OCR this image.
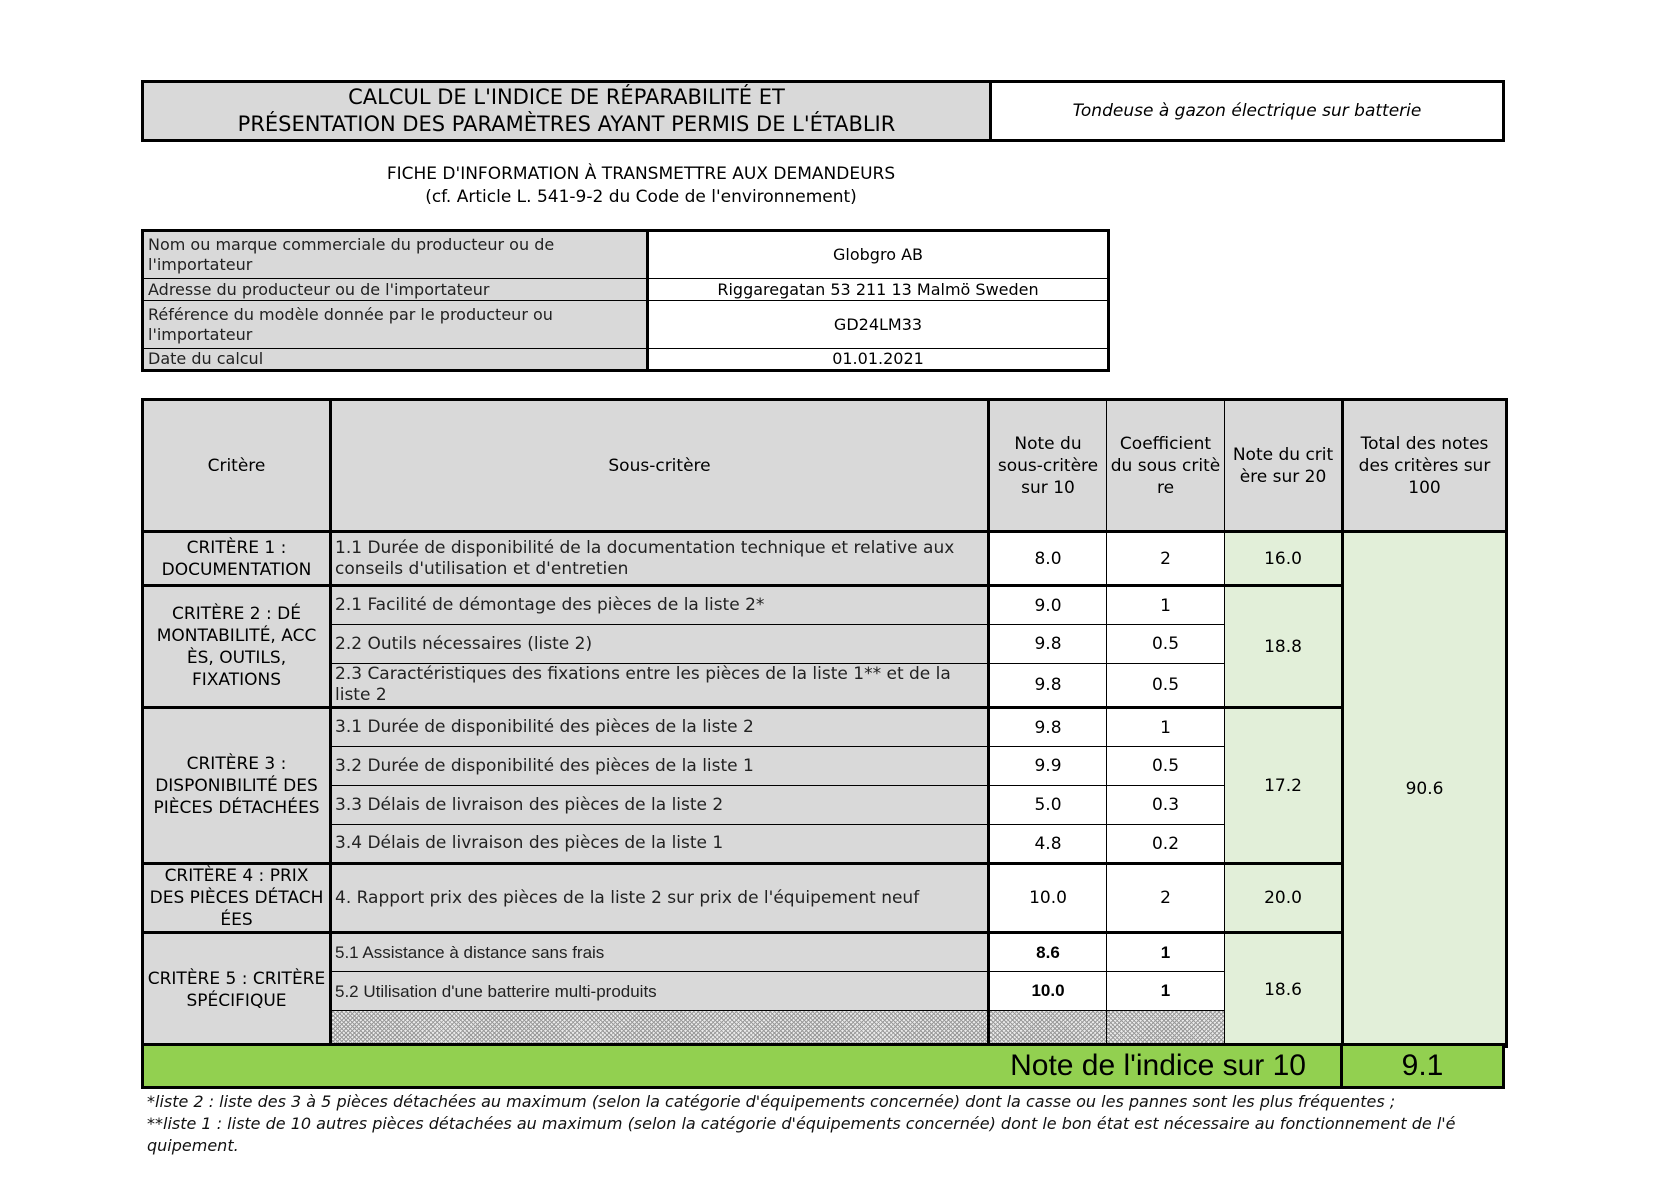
CALCUL DE L'INDICE DE RÉPARABILITÉ ET
PRÉSENTATION DES PARAMÈTRES AYANT PERMIS DE L'ÉTABLIR
Tondeuse à gazon électrique sur batterie
FICHE D'INFORMATION À TRANSMETTRE AUX DEMANDEURS
(cf. Article L. 541-9-2 du Code de l'environnement)
Nom ou marque commerciale du producteur ou de l'importateur	Globgro AB
Adresse du producteur ou de l'importateur	Riggaregatan 53 211 13 Malmö Sweden
Référence du modèle donnée par le producteur ou l'importateur	GD24LM33
Date du calcul	01.01.2021
Critère	Sous-critère	Note du sous-critère sur 10	Coefficient du sous critè re	Note du crit ère sur 20	Total des notes des critères sur 100
CRITÈRE 1 : DOCUMENTATION	1.1 Durée de disponibilité de la documentation technique et relative aux conseils d'utilisation et d'entretien	8.0	2	16.0	90.6
CRITÈRE 2 : DÉ MONTABILITÉ, ACC ÈS, OUTILS, FIXATIONS	2.1 Facilité de démontage des pièces de la liste 2*	9.0	1	18.8	
	2.2 Outils nécessaires (liste 2)	9.8	0.5		
	2.3 Caractéristiques des fixations entre les pièces de la liste 1** et de la liste 2	9.8	0.5		
CRITÈRE 3 : DISPONIBILITÉ DES PIÈCES DÉTACHÉES	3.1 Durée de disponibilité des pièces de la liste 2	9.8	1	17.2	
	3.2 Durée de disponibilité des pièces de la liste 1	9.9	0.5		
	3.3 Délais de livraison des pièces de la liste 2	5.0	0.3		
	3.4 Délais de livraison des pièces de la liste 1	4.8	0.2		
CRITÈRE 4 : PRIX DES PIÈCES DÉTACH ÉES	4. Rapport prix des pièces de la liste 2 sur prix de l'équipement neuf	10.0	2	20.0	
CRITÈRE 5 : CRITÈRE SPÉCIFIQUE	5.1 Assistance à distance sans frais	8.6	1	18.6	
	5.2 Utilisation d'une batterire multi-produits	10.0	1		

Note de l'indice sur 10	9.1
*liste 2 : liste des 3 à 5 pièces détachées au maximum (selon la catégorie d'équipements concernée) dont la casse ou les pannes sont les plus fréquentes ;
**liste 1 : liste de 10 autres pièces détachées au maximum (selon la catégorie d'équipements concernée) dont le bon état est nécessaire au fonctionnement de l'é quipement.
